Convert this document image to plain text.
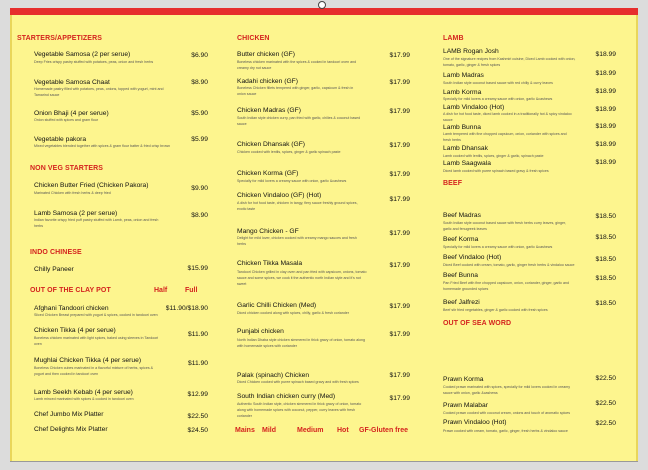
STARTERS/APPETIZERS
Vegetable Samosa (2 per serue)	$6.90
Deep Fries crispy pastry stuffed with potatoes, peas, onion and fresh herbs
Vegetable Samosa Chaat	$8.90
Homemade pastry filled with potatoes, peas, onions, topped with yogurt, mint and Tamarind sauce
Onion Bhaji (4 per serue)	$5.90
Onion stuffed with spices and gram flour
Vegetable pakora	$5.99
Mixed vegetables blended together with spices & gram flour batter & fried crisp brown
NON VEG STARTERS
Chicken Butter Fried (Chicken Pakora)	$9.90
Marinated Chicken with fresh herbs & deep fried
Lamb Samosa (2 per serue)	$8.90
Indian favorite crispy fried puff pastry stuffed with Lamb, peas, onion and fresh herbs
INDO CHINESE
Chilly Paneer	$15.99
OUT OF THE CLAY POT	Half	Full
Afghani Tandoori chicken	$11.90/$18.90
Sliced Chicken Breast prepared with yogurt & spices, cooked in tandoori oven
Chicken Tikka (4 per serue)
$11.90
Boneless chicken marinated with light spices, baked using sleeves in Tandoori oven
Mughlai Chicken Tikka (4 per serue)	$11.90
Boneless Chicken cubes marinated in a flavorful mixture of herbs, spices & yogurt and then cooked in tandoori oven
Lamb Seekh Kebab (4 per serue)	$12.99
Lamb minced marinated with spices & cooked in tandoori oven
Chef Jumbo Mix Platter	$22.50
Chef Delights Mix Platter	$24.50
CHICKEN
Butter chicken (GF)	$17.99
Boneless chicken marinated with the spices & cooked in tandoori oven and creamy dry nut sauce
Kadahi chicken (GF)	$17.99
Boneless Chicken fillets tempered with ginger, garlic, capsicum & fresh in onion sauce
Chicken Madras (GF)	$17.99
South Indian style chicken curry, pan fried with garlic, chilies & coconut based sauce
Chicken Dhansak (GF)	$17.99
Chicken cooked with lentils, spices, ginger & garlic spinach paste
Chicken Korma (GF)	$17.99
Specially for mild lovers a creamy sauce with onion, garlic &cashews
Chicken Vindaloo (GF) (Hot)
$17.99
A dish for hot food taste, chicken in tangy, fiery sauce freshly ground spices, exotic taste
Mango Chicken - GF	$17.99
Delight for mild lover, chicken cooked with creamy mango sauces and fresh herbs
Chicken Tikka Masala	$17.99
Tandoori Chicken grilled in clay oven and pan fried with capsicum, onions, tomato sauce and some spices, we cook it the authentic north Indian style and it's not sweet
Garlic Chilli Chicken (Med)	$17.99
Diced chicken cooked along with spices, chilly, garlic & fresh coriander
Punjabi chicken	$17.99
North Indian Dhaba style chicken simmered in thick gravy of onion, tomato along with homemade spices with coriander
Palak (spinach) Chicken	$17.99
Diced Chicken cooked with puree spinach based gravy and with fresh spices
South Indian chicken curry (Med)	$17.99
Authentic South Indian style, chicken simmered in thick gravy of onion, tomato along with homemade spices with coconut, pepper, curry leaves with fresh coriander
Mains Mild	Medium Hot GF-Gluten free
LAMB
LAMB Rogan Josh	$18.99
One of the signature recipes from Kashmiri cuisine, Diced Lamb cooked with onion, tomato, garlic, ginger & fresh spices
Lamb Madras	$18.99
South Indian style coconut based sauce with red chilly & curry leaves
Lamb Korma	$18.99
Specially for mild lovers a creamy sauce with onion, garlic &cashews
Lamb Vindaloo (Hot)	$18.99
A dish for hot food taste, diced lamb cooked in a traditionally hot & spicy vindaloo sauce
Lamb Bunna	$18.99
Lamb tempered with fine chopped capsicum, onion, coriander with spices and fresh herbs
Lamb Dhansak
$18.99
Lamb cooked with lentils, spices, ginger & garlic, spinach paste
Lamb Saagwala	$18.99
Diced lamb cooked with puree spinach based gravy & fresh spices
BEEF
Beef Madras	$18.50
South Indian style coconut based sauce with fresh herbs curry leaves, ginger, garlic and fenugreek leaves
Beef Korma	$18.50
Specially for mild lovers a creamy sauce with onion, garlic &cashews
Beef Vindaloo (Hot)	$18.50
Diced Beef cooked with cream, tomato, garlic, ginger fresh herbs & vindaloo sauce
Beef Bunna	$18.50
Pan Fried Beef with fine chopped capsicum, onion, coriander, ginger, garlic and homemade grounded spices
Beef Jalfrezi	$18.50
Beef stir fried vegetables, ginger & garlic cooked with fresh spices
OUT OF SEA WORD
Prawn Korma	$22.50
Cooked prawn marinated with spices, specially for mild lovers cooked in creamy sauce with onion, garlic &cashews
Prawn Malabar	$22.50
Cooked prawn cooked with coconut cream, onions and touch of aromatic spices
Prawn Vindaloo (Hot)	$22.50
Prawn cooked with cream, tomato, garlic, ginger, fresh herbs & vindaloo sauce
